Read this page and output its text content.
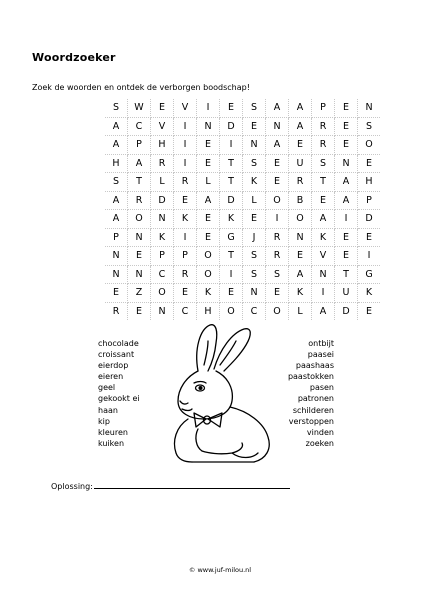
Woordzoeker
Zoek de woorden en ontdek de verborgen boodschap!
S	W	E	V	I	E	S	A	A	P	E	N
A	C	V	I	N	D	E	N	A	R	E	S
A	P	H	I	E	I	N	A	E	R	E	O
H	A	R	I	E	T	S	E	U	S	N	E
S	T	L	R	L	T	K	E	R	T	A	H
A	R	D	E	A	D	L	O	B	E	A	P
A	O	N	K	E	K	E	I	O	A	I	D
P	N	K	I	E	G	J	R	N	K	E	E
N	E	P	P	O	T	S	R	E	V	E	I
N	N	C	R	O	I	S	S	A	N	T	G
E	Z	O	E	K	E	N	E	K	I	U	K
R	E	N	C	H	O	C	O	L	A	D	E
chocolade
croissant
eierdop
eieren
geel
gekookt ei
haan
kip
kleuren
kuiken
ontbijt
paasei
paashaas
paastokken
pasen
patronen
schilderen
verstoppen
vinden
zoeken
Oplossing:
© www.juf-milou.nl
